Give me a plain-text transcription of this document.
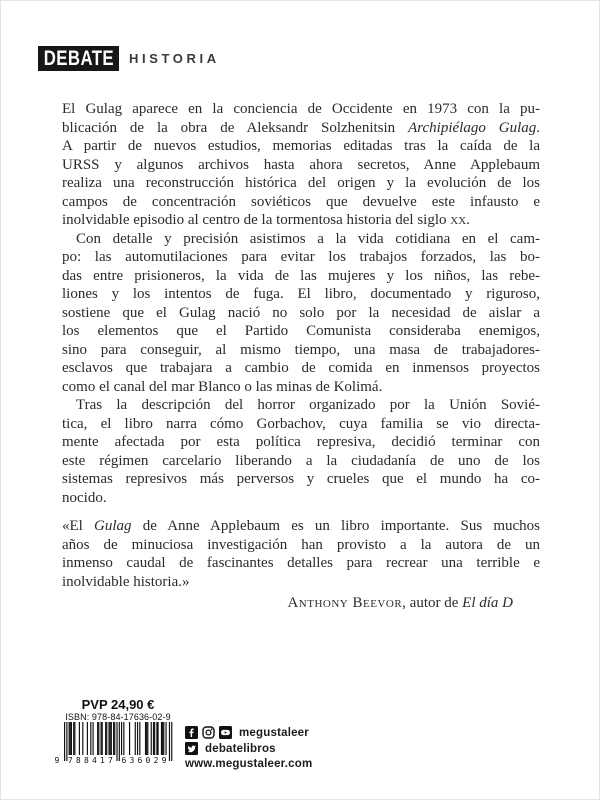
DEBATE HISTORIA
El Gulag aparece en la conciencia de Occidente en 1973 con la pu-
blicación de la obra de Aleksandr Solzhenitsin Archipiélago Gulag.
A partir de nuevos estudios, memorias editadas tras la caída de la
URSS y algunos archivos hasta ahora secretos, Anne Applebaum
realiza una reconstrucción histórica del origen y la evolución de los
campos de concentración soviéticos que devuelve este infausto e
inolvidable episodio al centro de la tormentosa historia del siglo xx.
Con detalle y precisión asistimos a la vida cotidiana en el cam-
po: las automutilaciones para evitar los trabajos forzados, las bo-
das entre prisioneros, la vida de las mujeres y los niños, las rebe-
liones y los intentos de fuga. El libro, documentado y riguroso,
sostiene que el Gulag nació no solo por la necesidad de aislar a
los elementos que el Partido Comunista consideraba enemigos,
sino para conseguir, al mismo tiempo, una masa de trabajadores-
esclavos que trabajara a cambio de comida en inmensos proyectos
como el canal del mar Blanco o las minas de Kolimá.
Tras la descripción del horror organizado por la Unión Sovié-
tica, el libro narra cómo Gorbachov, cuya familia se vio directa-
mente afectada por esta política represiva, decidió terminar con
este régimen carcelario liberando a la ciudadanía de uno de los
sistemas represivos más perversos y crueles que el mundo ha co-
nocido.
«El Gulag de Anne Applebaum es un libro importante. Sus muchos
años de minuciosa investigación han provisto a la autora de un
inmenso caudal de fascinantes detalles para recrear una terrible e
inolvidable historia.»
Anthony Beevor, autor de El día D
PVP 24,90 €
ISBN: 978-84-17636-02-9
9 788417 636029
megustaleer
debatelibros
www.megustaleer.com
